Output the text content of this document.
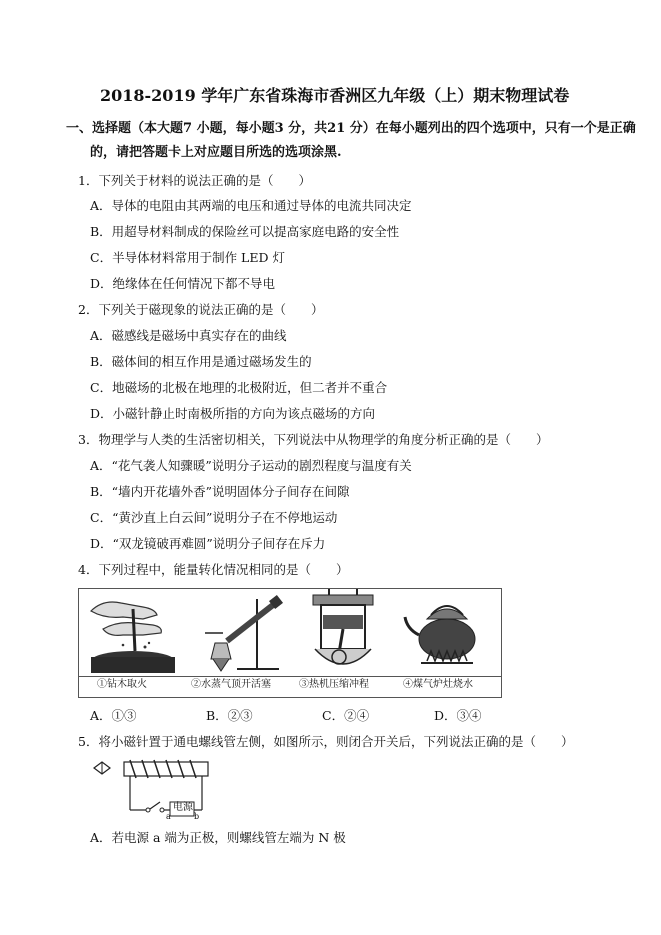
2018-2019 学年广东省珠海市香洲区九年级（上）期末物理试卷
一、选择题（本大题7 小题，每小题3 分，共21 分）在每小题列出的四个选项中，只有一个是正确
的，请把答题卡上对应题目所选的选项涂黑.
1．下列关于材料的说法正确的是（　　）
A．导体的电阻由其两端的电压和通过导体的电流共同决定
B．用超导材料制成的保险丝可以提高家庭电路的安全性
C．半导体材料常用于制作 LED 灯
D．绝缘体在任何情况下都不导电
2．下列关于磁现象的说法正确的是（　　）
A．磁感线是磁场中真实存在的曲线
B．磁体间的相互作用是通过磁场发生的
C．地磁场的北极在地理的北极附近，但二者并不重合
D．小磁针静止时南极所指的方向为该点磁场的方向
3．物理学与人类的生活密切相关，下列说法中从物理学的角度分析正确的是（　　）
A．“花气袭人知骤暖”说明分子运动的剧烈程度与温度有关
B．“墙内开花墙外香”说明固体分子间存在间隙
C．“黄沙直上白云间”说明分子在不停地运动
D．“双龙镜破再难圆”说明分子间存在斥力
4．下列过程中，能量转化情况相同的是（　　）
①钻木取火	②水蒸气顶开活塞	③热机压缩冲程	④煤气炉灶烧水
A．①③	B．②③	C．②④	D．③④
5．将小磁针置于通电螺线管左侧，如图所示，则闭合开关后，下列说法正确的是（　　）
电源
a	b
A．若电源 a 端为正极，则螺线管左端为 N 极
